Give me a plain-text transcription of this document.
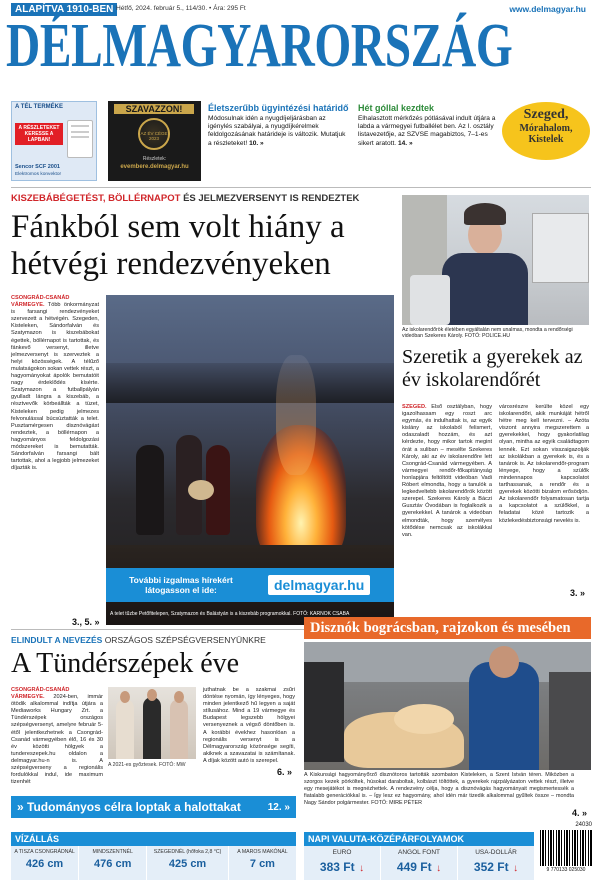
ALAPÍTVA 1910-BEN Hétfő, 2024. február 5., 114/30. • Ára: 295 Ft	www.delmagyar.hu
DÉLMAGYARORSZÁG
A TÉL TERMÉKE
A RÉSZLETEKET KERESSE A LAPBAN!
Sencor SCF 2001
Elektromos konvektor
SZAVAZZON!
AZ ÉV CÉGE 2023
Részletek:
evembere.delmagyar.hu
Életszerűbb ügyintézési határidő
Módosulnak idén a nyugdíjeljárásban az igénylés szabályai, a nyugdíjkérelmek feldolgozásának határideje is változik. Mutatjuk a részleteket! 10. »
Hét góllal kezdtek
Elhalasztott mérkőzés pótlásával indult útjára a labda a vármegyei futballélet ben. Az I. osztály listavezetője, az SZVSE magabiztos, 7–1-es sikert aratott. 14. »
Szeged,
Mórahalom,
Kistelek
KISZEBÁBÉGETÉST, BÖLLÉRNAPOT ÉS JELMEZVERSENYT IS RENDEZTEK
Fánkból sem volt hiány a hétvégi rendezvényeken
CSONGRÁD-CSANÁD VÁRMEGYE. Több önkormányzat is farsangi rendezvényeket szervezett a hétvégén. Szegeden, Kisteleken, Sándorfalván és Szatymazon is kiszebábokat égettek, böllérnapot is tartottak, és fánkevő versenyt, illetve jelmezversenyt is szerveztek a helyi közösségek. A télűző mulatságokon sokan vettek részt, a hagyományokat ápolók bemutatóit nagy érdeklődés kísérte. Szatymazon a futballpályán gyulladt lángra a kiszebáb, a résztvevők körbeállták a tüzet, Kisteleken pedig jelmezes felvonulással búcsúztatták a telet. Pusztamérgesen disznóvágást rendeztek, a böllérnapon a hagyományos feldolgozási módszereket is bemutatták. Sándorfalván farsangi bált tartottak, ahol a legjobb jelmezeket díjazták is.
3., 5. »
A telet tűzbe Petőfitelepen, Szatymazon és Balástyán is a kiszebáb programokkal. FOTÓ: KARNOK CSABA
További izgalmas hírekért
látogasson el ide:	delmagyar.hu
Az iskolarendőrök életében egyáltalán nem unalmas, mondta a rendőrségi videóban Szekeres Károly. FOTÓ: POLICE.HU
Szeretik a gyerekek az év iskolarendőrét
SZEGED. Első osztályban, hogy igazolhassam egy roszt arc egymás, és indulhattak is, az egyik kislány az iskolaból felismert, odaszaladt hozzám, és azt kérdezte, hogy mikor tartok megint órát a suliban – mesélte Szekeres Károly, aki az év iskolarendőre lett Csongrád-Csanád vármegyében. A vármegyei rendőr-főkapitányság honlapjára feltöltött videóban Vadi Róbert elmondta, hogy a tanulók a legkedveltebb iskolarendőrök között szerepel. Szekeres Károly a Báczi Gusztáv Óvodában is foglalkozik a gyerekekkel. A tanárok a videóban elmondták, hogy személyes kötődése nemcsak az iskolákkal van.
városrészre kerülte közel egy iskolarendőri, akik munkáját hétről hétre meg kell tervezni. – Azóta viszont annyira megszerettem a gyerekekkel, hogy gyakorlatilag olyan, mintha az egyik családtagom lennék. Ezt sokan visszaigazolják az iskolákban a gyerekek is, és a tanárok is. Az iskolarendőr-program lényege, hogy a szülők mindennapos kapcsolatot tarthassanak, a rendőr és a gyerekek közötti bizalom erősödjön. Az iskolarendőr folyamatosan tartja a kapcsolatot a szülőkkel, a feladatai közé tartozik a közlekedésbiztonsági nevelés is.
3. »
ELINDULT A NEVEZÉS ORSZÁGOS SZÉPSÉGVERSENYÜNKRE
A Tündérszépek éve
CSONGRÁD-CSANÁD VÁRMEGYE. 2024-ben, immár ötödik alkalommal indítja útjára a Mediaworks Hungary Zrt. a Tündérszépek országos szépségversenyt, amelyre február 5-étől jelentkezhetnek a Csongrád-Csanád vármegyében élő, 16 és 30 év közötti hölgyek a tundereszepek.hu oldalon a delmagyar.hu-n is. A szépségverseny a regionális fordulókkal indul, ide maximum tizenhét
A 2021-es győztesek. FOTÓ: MW
juthatnak be a szakmai zsűri döntése nyomán, így lényeges, hogy minden jelentkező hű legyen a saját stílusához. Mind a 19 vármegye és Budapest legszebb hölgyei versenyeznek a végső döntőben is. A korábbi évekhez hasonlóan a regionális versenyt is a Délmagyarország közönsége segíti, akiknek a szavazatai is számítanak. A díjak között autó is szerepel.
6. »
Disznók bográcsban, rajzokon és mesében
A Kiskunsági hagyományőrző disznótoros tartották szombaton Kisteleken, a Szent István téren. Miközben a szorgos kezek pörköltek, húsokat daraboltak, kolbászt töltöttek, a gyerekek rajzpályázaton vettek részt, illetve egy mesejátékot is megnézhettek. A rendezvény célja, hogy a disznóvágás hagyományait megismertessék a fiatalabb generációkkal is. – Így lesz ez hagyomány, ahol idén már tizedik alkalommal gyűltek össze – mondta Nagy Sándor polgármester. FOTÓ: MIRE PÉTER
4. »
» Tudományos célra loptak a halottakat	12. »
VÍZÁLLÁS
A TISZA CSONGRÁDNÁL
426 cm
MINDSZENTNÉL
476 cm
SZEGEDNÉL (hőfoka 2,8 °C)
425 cm
A MAROS MAKÓNÁL
7 cm
NAPI VALUTA-KÖZÉPÁRFOLYAMOK
EURO
383 Ft ↓
ANGOL FONT
449 Ft ↓
USA-DOLLÁR
352 Ft ↓
24030
9 770133 025030
